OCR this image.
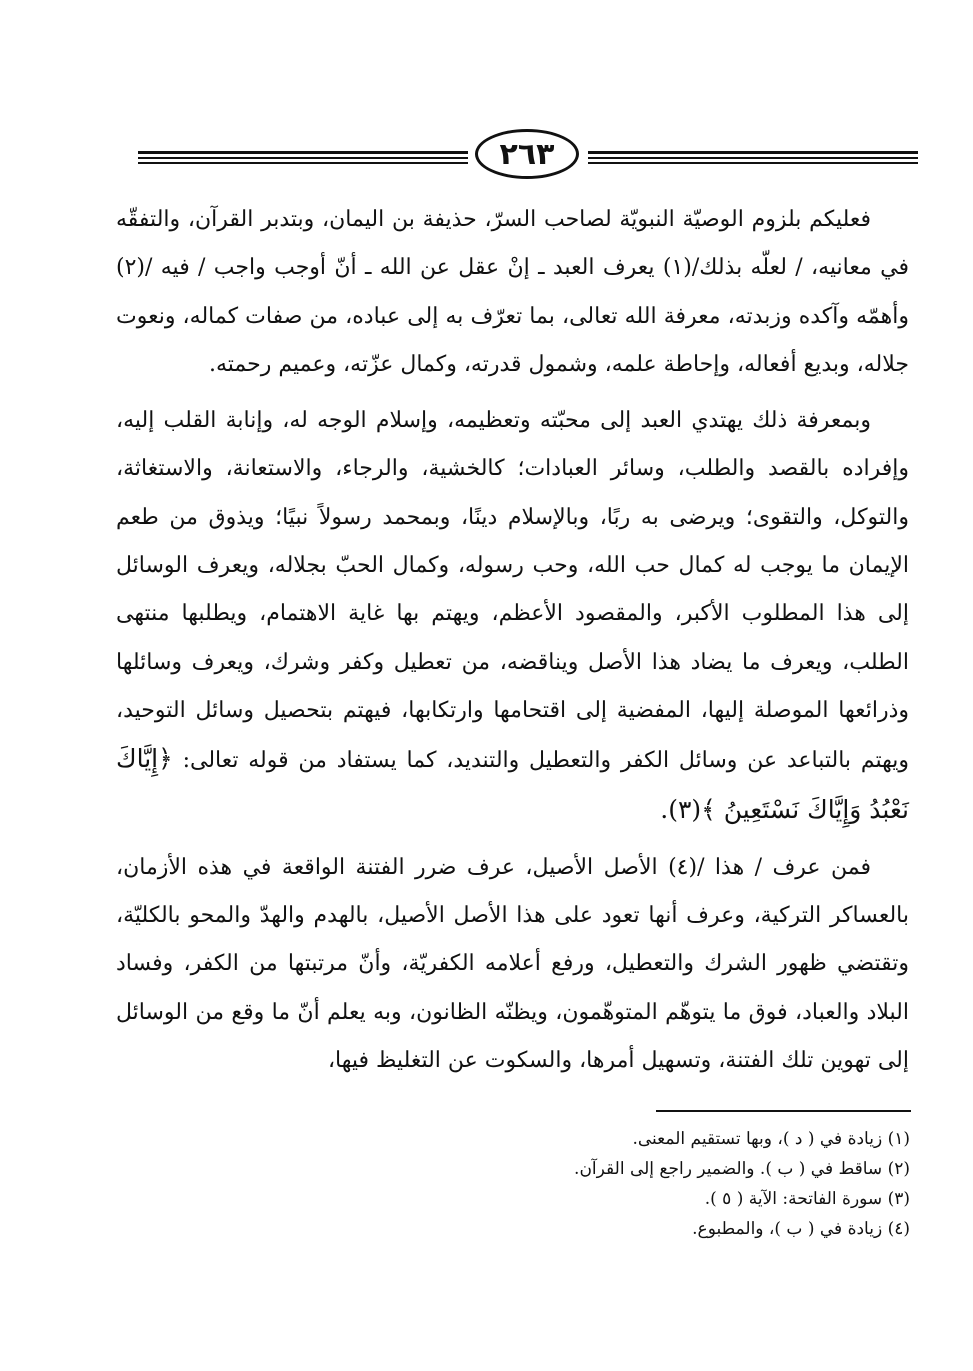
٢٦٣

فعليكم بلزوم الوصيّة النبويّة لصاحب السرّ، حذيفة بن اليمان، وبتدبر القرآن، والتفقّه في معانيه، / لعلّه بذلك/(١) يعرف العبد ـ إنْ عقل عن الله ـ أنّ أوجب واجب / فيه /(٢) وأهمّه وآكده وزبدته، معرفة الله تعالى، بما تعرّف به إلى عباده، من صفات كماله، ونعوت جلاله، وبديع أفعاله، وإحاطة علمه، وشمول قدرته، وكمال عزّته، وعميم رحمته.

وبمعرفة ذلك يهتدي العبد إلى محبّته وتعظيمه، وإسلام الوجه له، وإنابة القلب إليه، وإفراده بالقصد والطلب، وسائر العبادات؛ كالخشية، والرجاء، والاستعانة، والاستغاثة، والتوكل، والتقوى؛ ويرضى به ربًا، وبالإسلام دينًا، وبمحمد رسولاً نبيًا؛ ويذوق من طعم الإيمان ما يوجب له كمال حب الله، وحب رسوله، وكمال الحبّ بجلاله، ويعرف الوسائل إلى هذا المطلوب الأكبر، والمقصود الأعظم، ويهتم بها غاية الاهتمام، ويطلبها منتهى الطلب، ويعرف ما يضاد هذا الأصل ويناقضه، من تعطيل وكفر وشرك، ويعرف وسائلها وذرائعها الموصلة إليها، المفضية إلى اقتحامها وارتكابها، فيهتم بتحصيل وسائل التوحيد، ويهتم بالتباعد عن وسائل الكفر والتعطيل والتنديد، كما يستفاد من قوله تعالى: ﴿إِيَّاكَ نَعْبُدُ وَإِيَّاكَ نَسْتَعِينُ ﴾(٣).

فمن عرف / هذا /(٤) الأصل الأصيل، عرف ضرر الفتنة الواقعة في هذه الأزمان، بالعساكر التركية، وعرف أنها تعود على هذا الأصل الأصيل، بالهدم والهدّ والمحو بالكليّة، وتقتضي ظهور الشرك والتعطيل، ورفع أعلامه الكفريّة، وأنّ مرتبتها من الكفر، وفساد البلاد والعباد، فوق ما يتوهّم المتوهّمون، ويظنّه الظانون، وبه يعلم أنّ ما وقع من الوسائل إلى تهوين تلك الفتنة، وتسهيل أمرها، والسكوت عن التغليظ فيها،

(١) زيادة في ( د )، وبها تستقيم المعنى.

(٢) ساقط في ( ب ). والضمير راجع إلى القرآن.

(٣) سورة الفاتحة: الآية ( ٥ ).

(٤) زيادة في ( ب )، والمطبوع.
